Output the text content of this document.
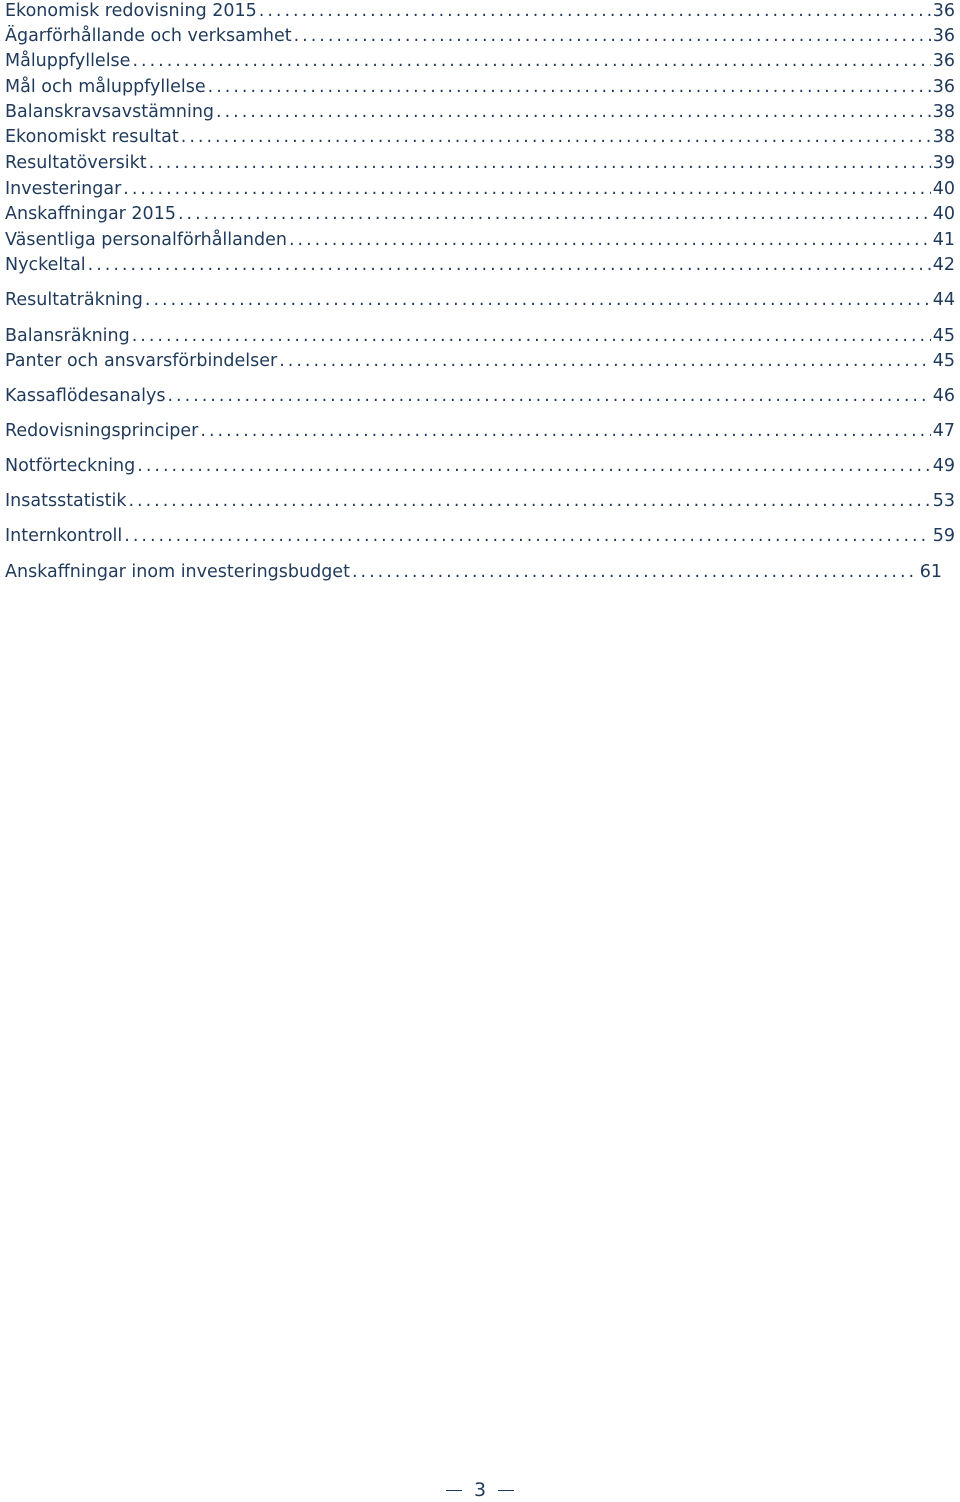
Ekonomisk redovisning 2015 .....	36
Ägarförhållande och verksamhet .....	36
Måluppfyllelse .....	36
Mål och måluppfyllelse .....	36
Balanskravsavstämning .....	38
Ekonomiskt resultat .....	38
Resultatöversikt .....	39
Investeringar .....	40
Anskaffningar 2015 .....	40
Väsentliga personalförhållanden .....	41
Nyckeltal .....	42
Resultaträkning .....	44
Balansräkning .....	45
Panter och ansvarsförbindelser .....	45
Kassaflödesanalys .....	46
Redovisningsprinciper .....	47
Notförteckning .....	49
Insatsstatistik .....	53
Internkontroll .....	59
Anskaffningar inom investeringsbudget .....	61
3
